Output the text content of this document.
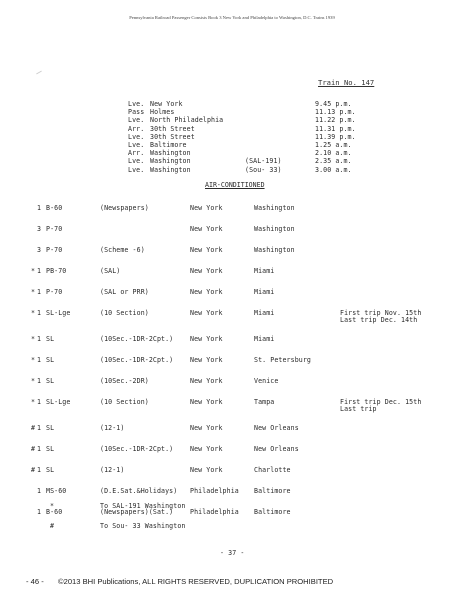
Pennsylvania Railroad Passenger Consists Book 3 New York and Philadelphia to Washington, D.C. Trains 1939
Train No. 147
Lve. New York	9.45 p.m.
Pass Holmes	11.13 p.m.
Lve. North Philadelphia	11.22 p.m.
Arr. 30th Street	11.31 p.m.
Lve. 30th Street	11.39 p.m.
Lve. Baltimore	1.25 a.m.
Arr. Washington	2.10 a.m.
Lve. Washington	(SAL-191)	2.35 a.m.
Lve. Washington	(Sou- 33)	3.00 a.m.
AIR-CONDITIONED
1 B-60	(Newspapers)	New York	Washington
3 P-70	New York	Washington
3 P-70	(Scheme -6)	New York	Washington
* 1 PB-70	(SAL)	New York	Miami
* 1 P-70	(SAL or PRR)	New York	Miami
* 1 SL-Lge	(10 Section)	New York	Miami	First trip Nov. 15th
Last trip Dec. 14th
* 1 SL	(10Sec.-1DR-2Cpt.)	New York	Miami
* 1 SL	(10Sec.-1DR-2Cpt.)	New York	St. Petersburg
* 1 SL	(10Sec.-2DR)	New York	Venice
* 1 SL-Lge	(10 Section)	New York	Tampa	First trip Dec. 15th
Last trip
# 1 SL	(12-1)	New York	New Orleans
# 1 SL	(10Sec.-1DR-2Cpt.)	New York	New Orleans
# 1 SL	(12-1)	New York	Charlotte
1 MS-60	(D.E.Sat.&Holidays) Philadelphia Baltimore
1 B-60	(Newspapers)(Sat.)	Philadelphia Baltimore
*	To SAL-191 Washington
#	To Sou- 33 Washington
- 37 -
- 46 - ©2013 BHI Publications, ALL RIGHTS RESERVED, DUPLICATION PROHIBITED
